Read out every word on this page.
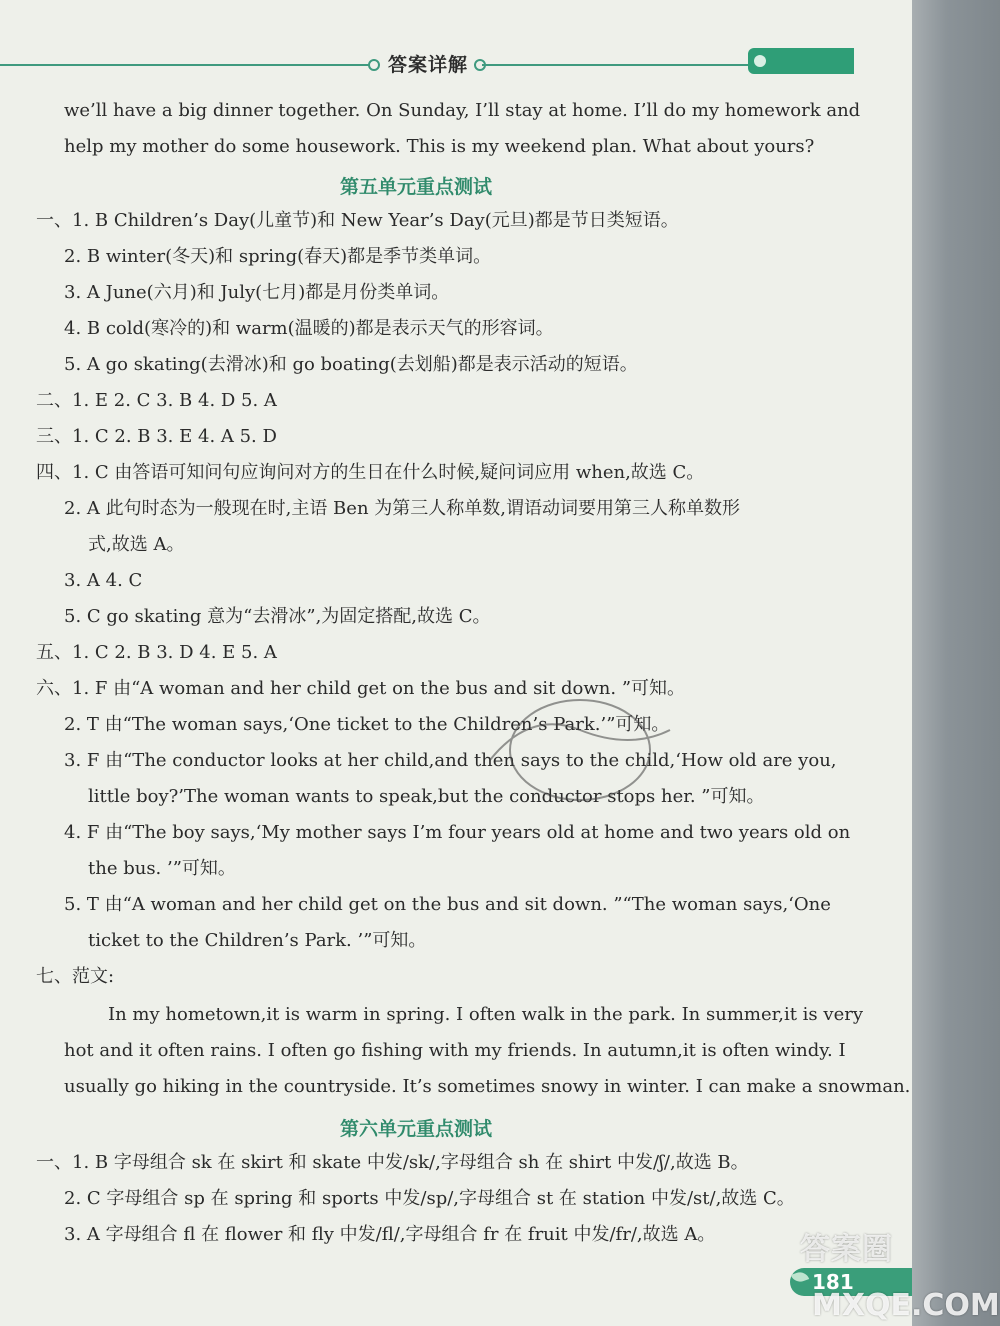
答案详解
we’ll have a big dinner together. On Sunday, I’ll stay at home. I’ll do my homework and
help my mother do some housework. This is my weekend plan. What about yours?
第五单元重点测试
一、1. B Children’s Day(儿童节)和 New Year’s Day(元旦)都是节日类短语。
2. B winter(冬天)和 spring(春天)都是季节类单词。
3. A June(六月)和 July(七月)都是月份类单词。
4. B cold(寒冷的)和 warm(温暖的)都是表示天气的形容词。
5. A go skating(去滑冰)和 go boating(去划船)都是表示活动的短语。
二、1. E 2. C 3. B 4. D 5. A
三、1. C 2. B 3. E 4. A 5. D
四、1. C 由答语可知问句应询问对方的生日在什么时候,疑问词应用 when,故选 C。
2. A 此句时态为一般现在时,主语 Ben 为第三人称单数,谓语动词要用第三人称单数形
式,故选 A。
3. A 4. C
5. C go skating 意为“去滑冰”,为固定搭配,故选 C。
五、1. C 2. B 3. D 4. E 5. A
六、1. F 由“A woman and her child get on the bus and sit down. ”可知。
2. T 由“The woman says,‘One ticket to the Children’s Park.’”可知。
3. F 由“The conductor looks at her child,and then says to the child,‘How old are you,
little boy?’The woman wants to speak,but the conductor stops her. ”可知。
4. F 由“The boy says,‘My mother says I’m four years old at home and two years old on
the bus. ’”可知。
5. T 由“A woman and her child get on the bus and sit down. ”“The woman says,‘One
ticket to the Children’s Park. ’”可知。
七、范文:
In my hometown,it is warm in spring. I often walk in the park. In summer,it is very
hot and it often rains. I often go fishing with my friends. In autumn,it is often windy. I
usually go hiking in the countryside. It’s sometimes snowy in winter. I can make a snowman.
第六单元重点测试
一、1. B 字母组合 sk 在 skirt 和 skate 中发/sk/,字母组合 sh 在 shirt 中发/ʃ/,故选 B。
2. C 字母组合 sp 在 spring 和 sports 中发/sp/,字母组合 st 在 station 中发/st/,故选 C。
3. A 字母组合 fl 在 flower 和 fly 中发/fl/,字母组合 fr 在 fruit 中发/fr/,故选 A。
181
答案圈
MXQE.COM
